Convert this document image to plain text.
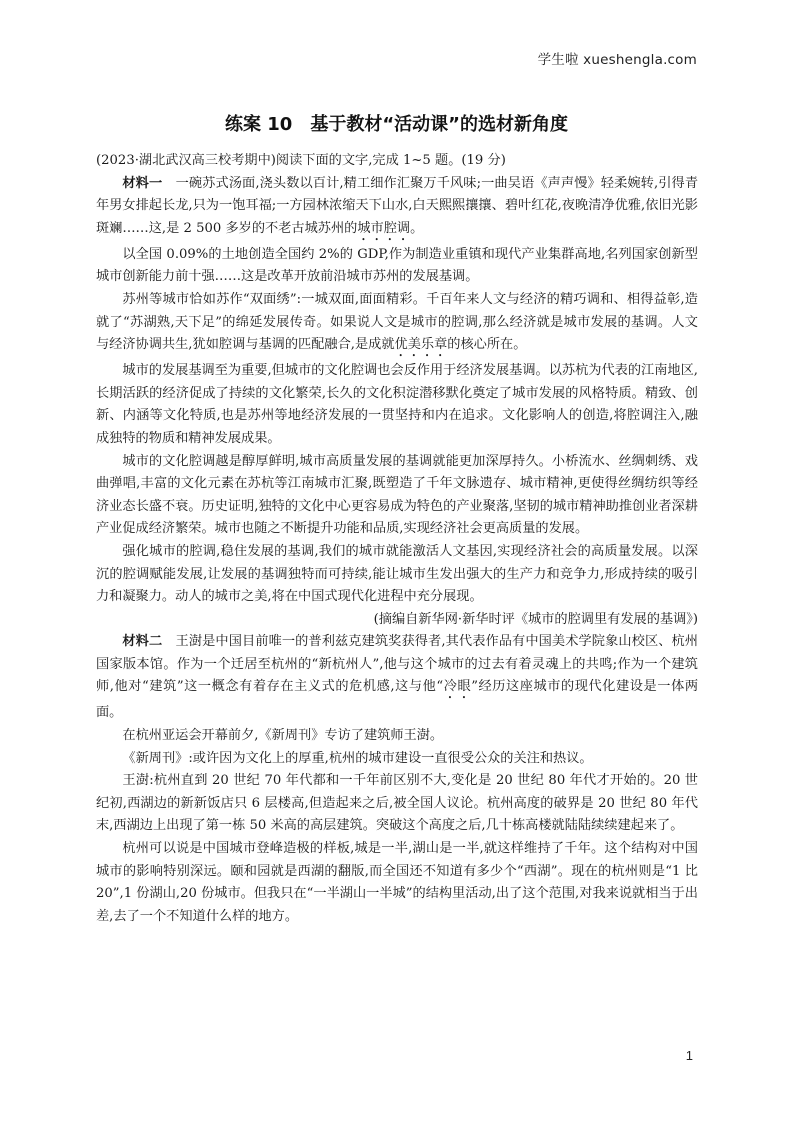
学生啦 xueshengla.com
练案 10　基于教材“活动课”的选材新角度

(2023·湖北武汉高三校考期中)阅读下面的文字,完成 1~5 题。(19 分)

材料一  一碗苏式汤面,浇头数以百计,精工细作汇聚万千风味;一曲吴语《声声慢》轻柔婉转,引得青年男女排起长龙,只为一饱耳福;一方园林浓缩天下山水,白天熙熙攘攘、碧叶红花,夜晚清净优雅,依旧光影斑斓……这,是 2 500 多岁的不老古城苏州的城市腔调。

以全国 0.09%的土地创造全国约 2%的 GDP,作为制造业重镇和现代产业集群高地,名列国家创新型城市创新能力前十强……这是改革开放前沿城市苏州的发展基调。

苏州等城市恰如苏作“双面绣”:一城双面,面面精彩。千百年来人文与经济的精巧调和、相得益彰,造就了“苏湖熟,天下足”的绵延发展传奇。如果说人文是城市的腔调,那么经济就是城市发展的基调。人文与经济协调共生,犹如腔调与基调的匹配融合,是成就优美乐章的核心所在。

城市的发展基调至为重要,但城市的文化腔调也会反作用于经济发展基调。以苏杭为代表的江南地区,长期活跃的经济促成了持续的文化繁荣,长久的文化积淀潜移默化奠定了城市发展的风格特质。精致、创新、内涵等文化特质,也是苏州等地经济发展的一贯坚持和内在追求。文化影响人的创造,将腔调注入,融成独特的物质和精神发展成果。

城市的文化腔调越是醇厚鲜明,城市高质量发展的基调就能更加深厚持久。小桥流水、丝绸刺绣、戏曲弹唱,丰富的文化元素在苏杭等江南城市汇聚,既塑造了千年文脉遗存、城市精神,更使得丝绸纺织等经济业态长盛不衰。历史证明,独特的文化中心更容易成为特色的产业聚落,坚韧的城市精神助推创业者深耕产业促成经济繁荣。城市也随之不断提升功能和品质,实现经济社会更高质量的发展。

强化城市的腔调,稳住发展的基调,我们的城市就能激活人文基因,实现经济社会的高质量发展。以深沉的腔调赋能发展,让发展的基调独特而可持续,能让城市生发出强大的生产力和竞争力,形成持续的吸引力和凝聚力。动人的城市之美,将在中国式现代化进程中充分展现。

(摘编自新华网·新华时评《城市的腔调里有发展的基调》)

材料二  王澍是中国目前唯一的普利兹克建筑奖获得者,其代表作品有中国美术学院象山校区、杭州国家版本馆。作为一个迁居至杭州的“新杭州人”,他与这个城市的过去有着灵魂上的共鸣;作为一个建筑师,他对“建筑”这一概念有着存在主义式的危机感,这与他“冷眼”经历这座城市的现代化建设是一体两面。

在杭州亚运会开幕前夕,《新周刊》专访了建筑师王澍。

《新周刊》:或许因为文化上的厚重,杭州的城市建设一直很受公众的关注和热议。

王澍:杭州直到 20 世纪 70 年代都和一千年前区别不大,变化是 20 世纪 80 年代才开始的。20 世纪初,西湖边的新新饭店只 6 层楼高,但造起来之后,被全国人议论。杭州高度的破界是 20 世纪 80 年代末,西湖边上出现了第一栋 50 米高的高层建筑。突破这个高度之后,几十栋高楼就陆陆续续建起来了。

杭州可以说是中国城市登峰造极的样板,城是一半,湖山是一半,就这样维持了千年。这个结构对中国城市的影响特别深远。颐和园就是西湖的翻版,而全国还不知道有多少个“西湖”。现在的杭州则是“1 比 20”,1 份湖山,20 份城市。但我只在“一半湖山一半城”的结构里活动,出了这个范围,对我来说就相当于出差,去了一个不知道什么样的地方。

1
